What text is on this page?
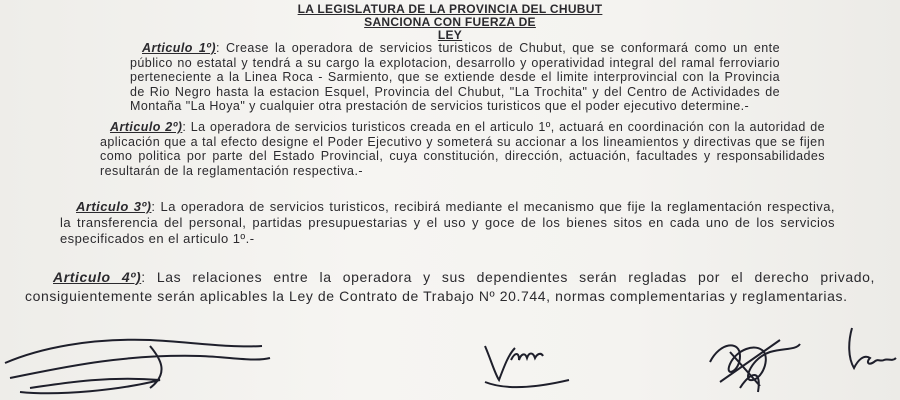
LA LEGISLATURA DE LA PROVINCIA DEL CHUBUT
SANCIONA CON FUERZA DE
LEY
Articulo 1º): Crease la operadora de servicios turisticos de Chubut, que se conformará como un ente público no estatal y tendrá a su cargo la explotacion, desarrollo y operatividad integral del ramal ferroviario perteneciente a la Linea Roca - Sarmiento, que se extiende desde el limite interprovincial con la Provincia de Rio Negro hasta la estacion Esquel, Provincia del Chubut, "La Trochita" y del Centro de Actividades de Montaña "La Hoya" y cualquier otra prestación de servicios turisticos que el poder ejecutivo determine.-
Articulo 2º): La operadora de servicios turisticos creada en el articulo 1º, actuará en coordinación con la autoridad de aplicación que a tal efecto designe el Poder Ejecutivo y someterá su accionar a los lineamientos y directivas que se fijen como politica por parte del Estado Provincial, cuya constitución, dirección, actuación, facultades y responsabilidades resultarán de la reglamentación respectiva.-
Articulo 3º): La operadora de servicios turisticos, recibirá mediante el mecanismo que fije la reglamentación respectiva, la transferencia del personal, partidas presupuestarias y el uso y goce de los bienes sitos en cada uno de los servicios especificados en el articulo 1º.-
Articulo 4º): Las relaciones entre la operadora y sus dependientes serán regladas por el derecho privado, consiguientemente serán aplicables la Ley de Contrato de Trabajo Nº 20.744, normas complementarias y reglamentarias.
